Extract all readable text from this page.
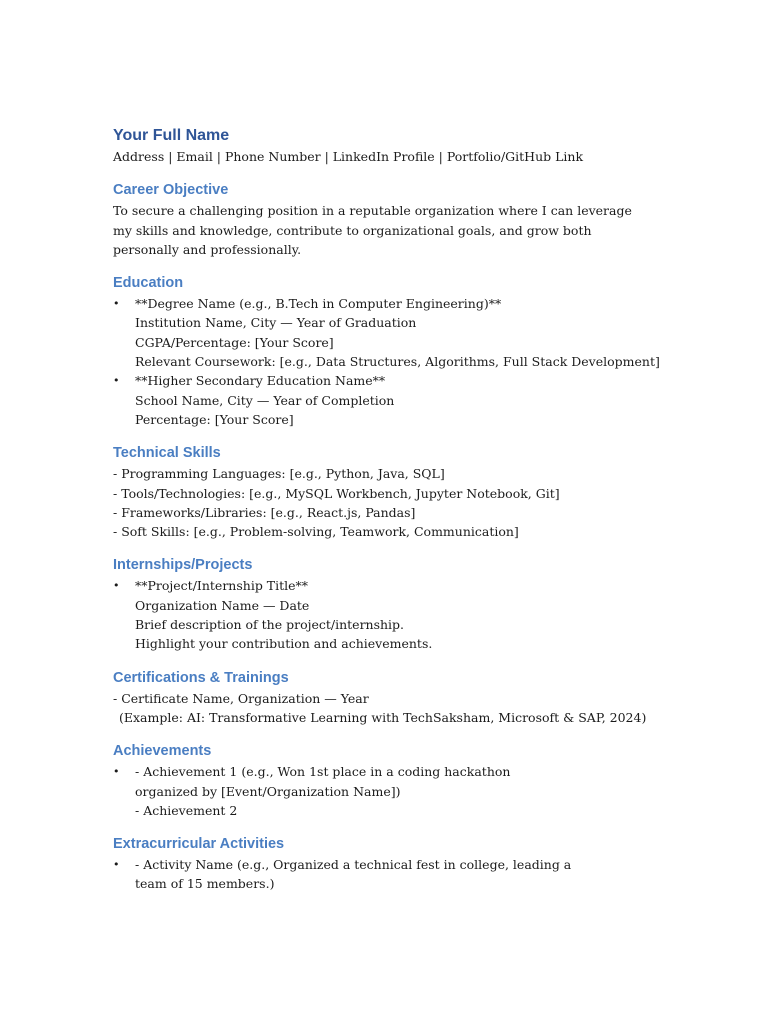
Your Full Name

Address | Email | Phone Number | LinkedIn Profile | Portfolio/GitHub Link

Career Objective

To secure a challenging position in a reputable organization where I can leverage my skills and knowledge, contribute to organizational goals, and grow both personally and professionally.

Education
• **Degree Name (e.g., B.Tech in Computer Engineering)**
Institution Name, City — Year of Graduation
CGPA/Percentage: [Your Score]
Relevant Coursework: [e.g., Data Structures, Algorithms, Full Stack Development]
• **Higher Secondary Education Name**
School Name, City — Year of Completion
Percentage: [Your Score]
Technical Skills
- Programming Languages: [e.g., Python, Java, SQL]
- Tools/Technologies: [e.g., MySQL Workbench, Jupyter Notebook, Git]
- Frameworks/Libraries: [e.g., React.js, Pandas]
- Soft Skills: [e.g., Problem-solving, Teamwork, Communication]
Internships/Projects
• **Project/Internship Title**
Organization Name — Date
Brief description of the project/internship.
Highlight your contribution and achievements.
Certifications & Trainings
- Certificate Name, Organization — Year
(Example: AI: Transformative Learning with TechSaksham, Microsoft & SAP, 2024)
Achievements
• - Achievement 1 (e.g., Won 1st place in a coding hackathon organized by [Event/Organization Name])
- Achievement 2
Extracurricular Activities
• - Activity Name (e.g., Organized a technical fest in college, leading a team of 15 members.)
